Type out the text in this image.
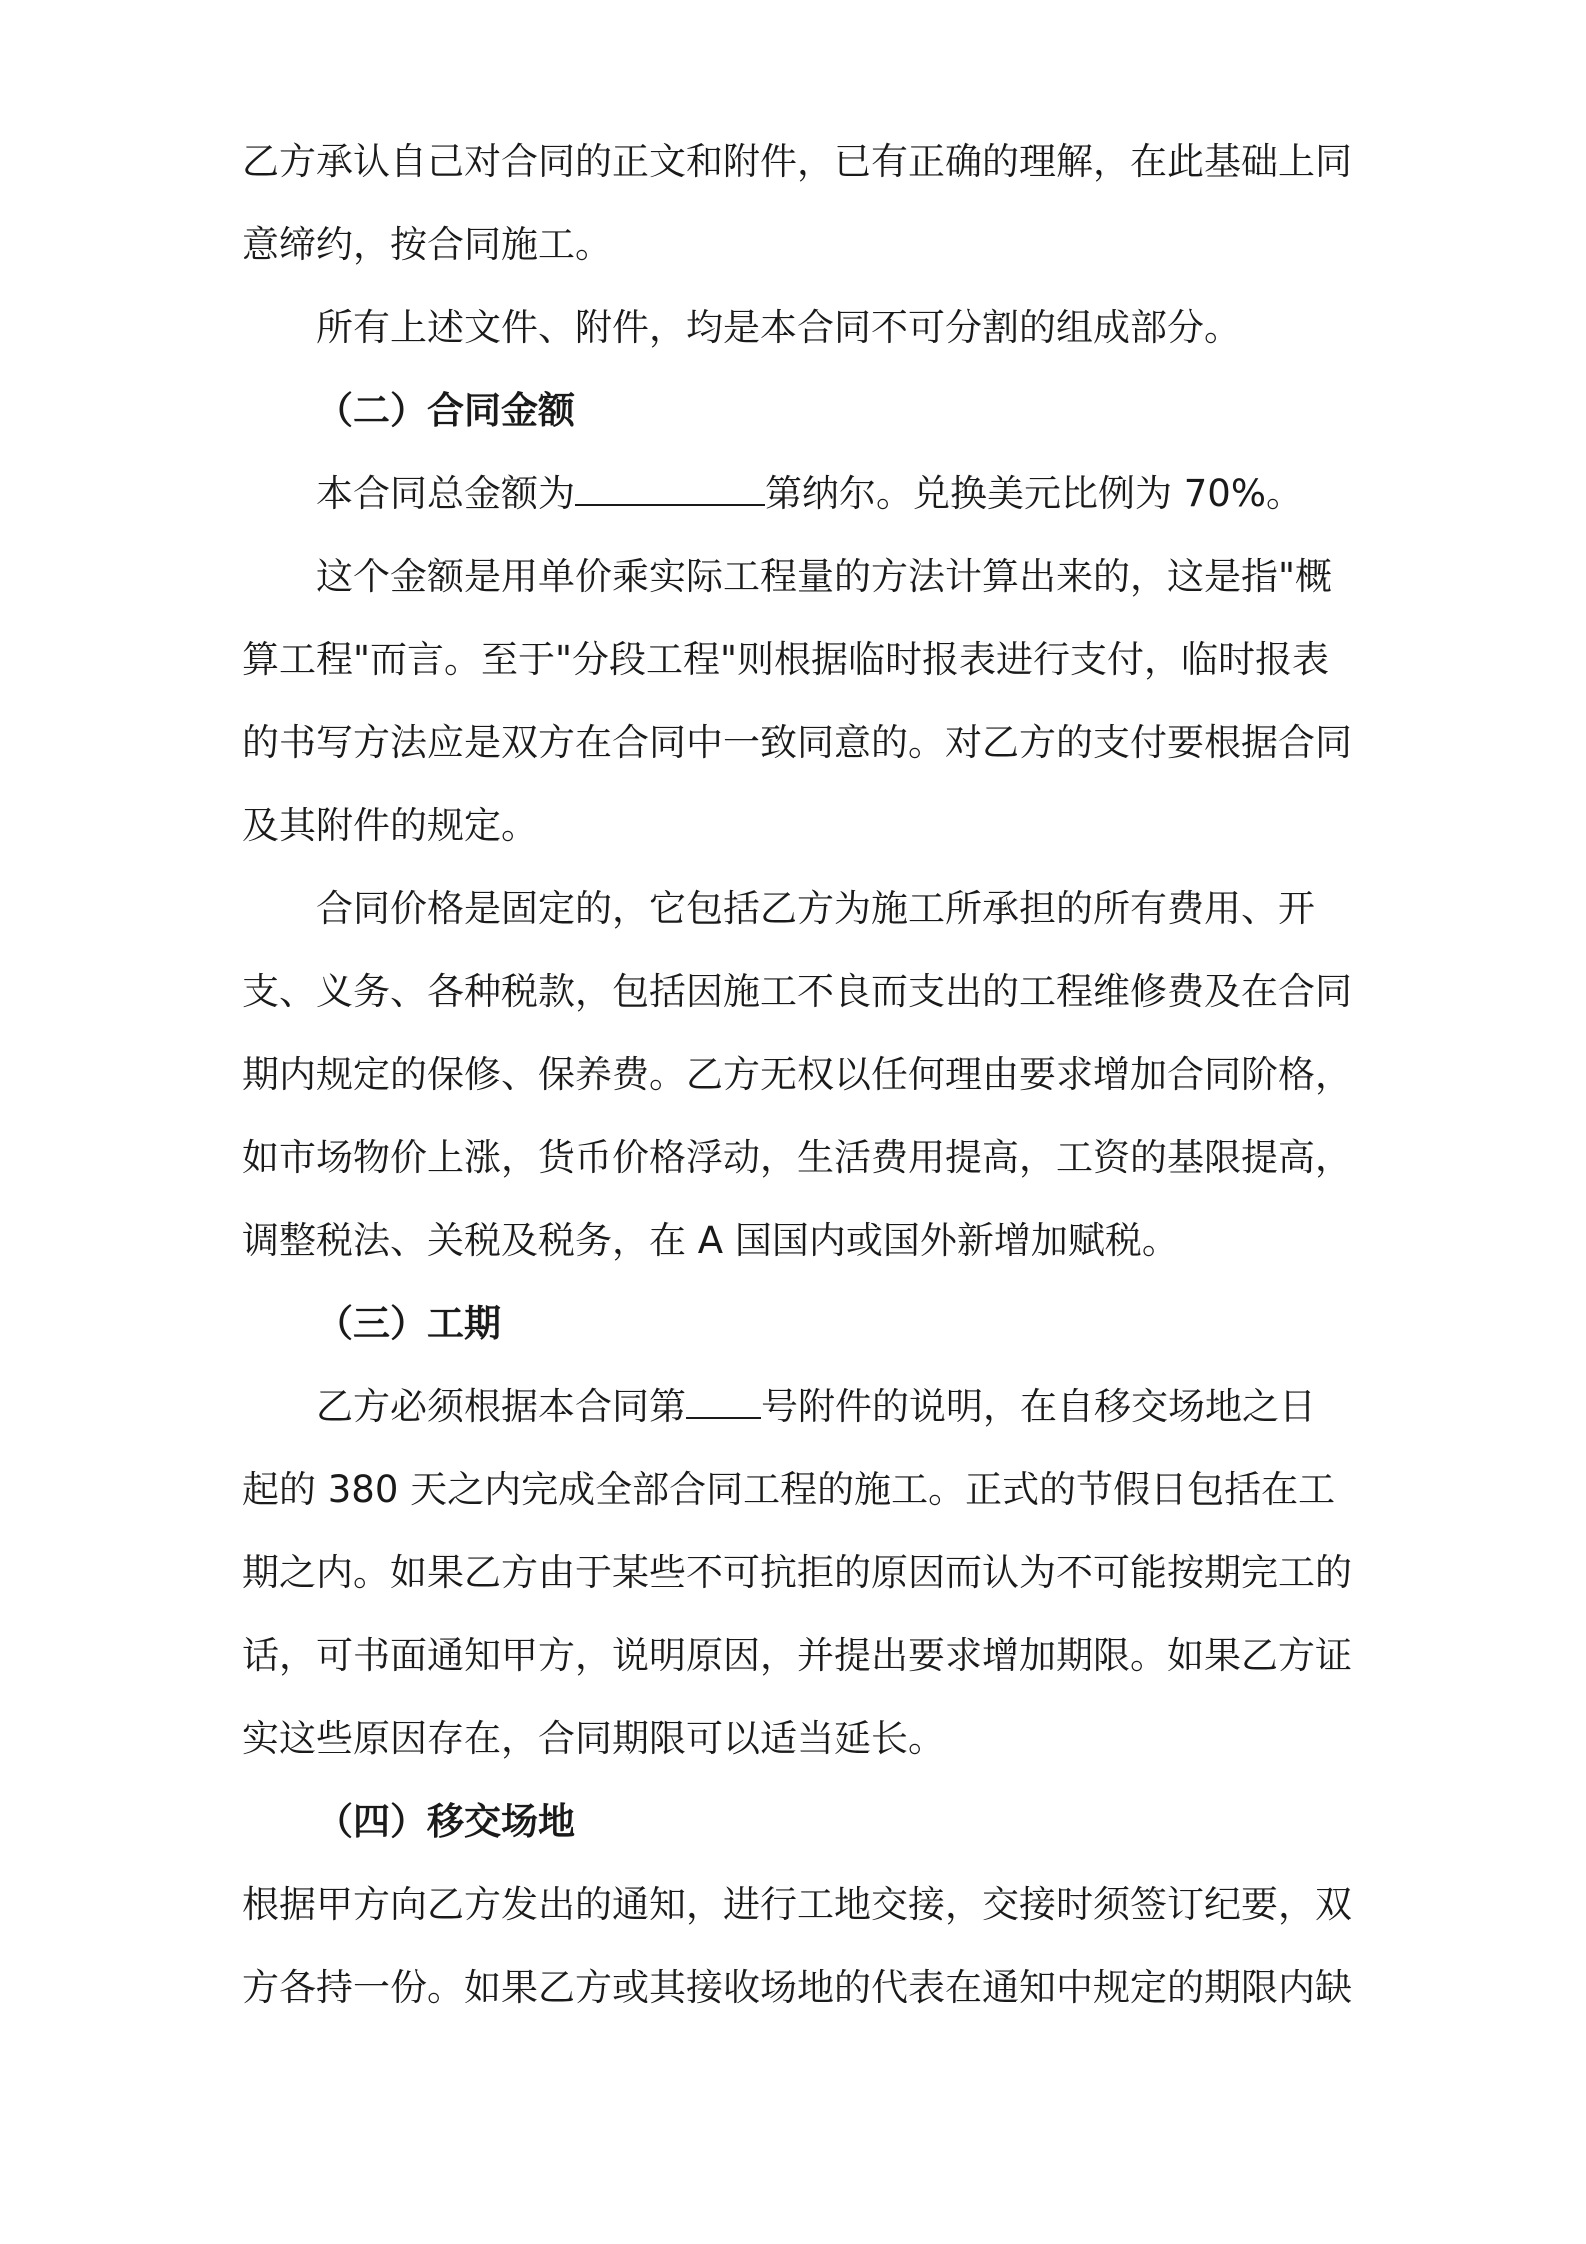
乙方承认自己对合同的正文和附件，已有正确的理解，在此基础上同意缔约，按合同施工。

所有上述文件、附件，均是本合同不可分割的组成部分。

（二）合同金额

本合同总金额为	第纳尔。兑换美元比例为 70%。

这个金额是用单价乘实际工程量的方法计算出来的，这是指"概算工程"而言。至于"分段工程"则根据临时报表进行支付，临时报表的书写方法应是双方在合同中一致同意的。对乙方的支付要根据合同及其附件的规定。

合同价格是固定的，它包括乙方为施工所承担的所有费用、开支、义务、各种税款，包括因施工不良而支出的工程维修费及在合同期内规定的保修、保养费。乙方无权以任何理由要求增加合同阶格，如市场物价上涨，货币价格浮动，生活费用提高，工资的基限提高，调整税法、关税及税务，在 A 国国内或国外新增加赋税。

（三）工期

乙方必须根据本合同第 号附件的说明，在自移交场地之日起的 380 天之内完成全部合同工程的施工。正式的节假日包括在工期之内。如果乙方由于某些不可抗拒的原因而认为不可能按期完工的话，可书面通知甲方，说明原因，并提出要求增加期限。如果乙方证实这些原因存在，合同期限可以适当延长。

（四）移交场地

根据甲方向乙方发出的通知，进行工地交接，交接时须签订纪要，双方各持一份。如果乙方或其接收场地的代表在通知中规定的期限内缺
